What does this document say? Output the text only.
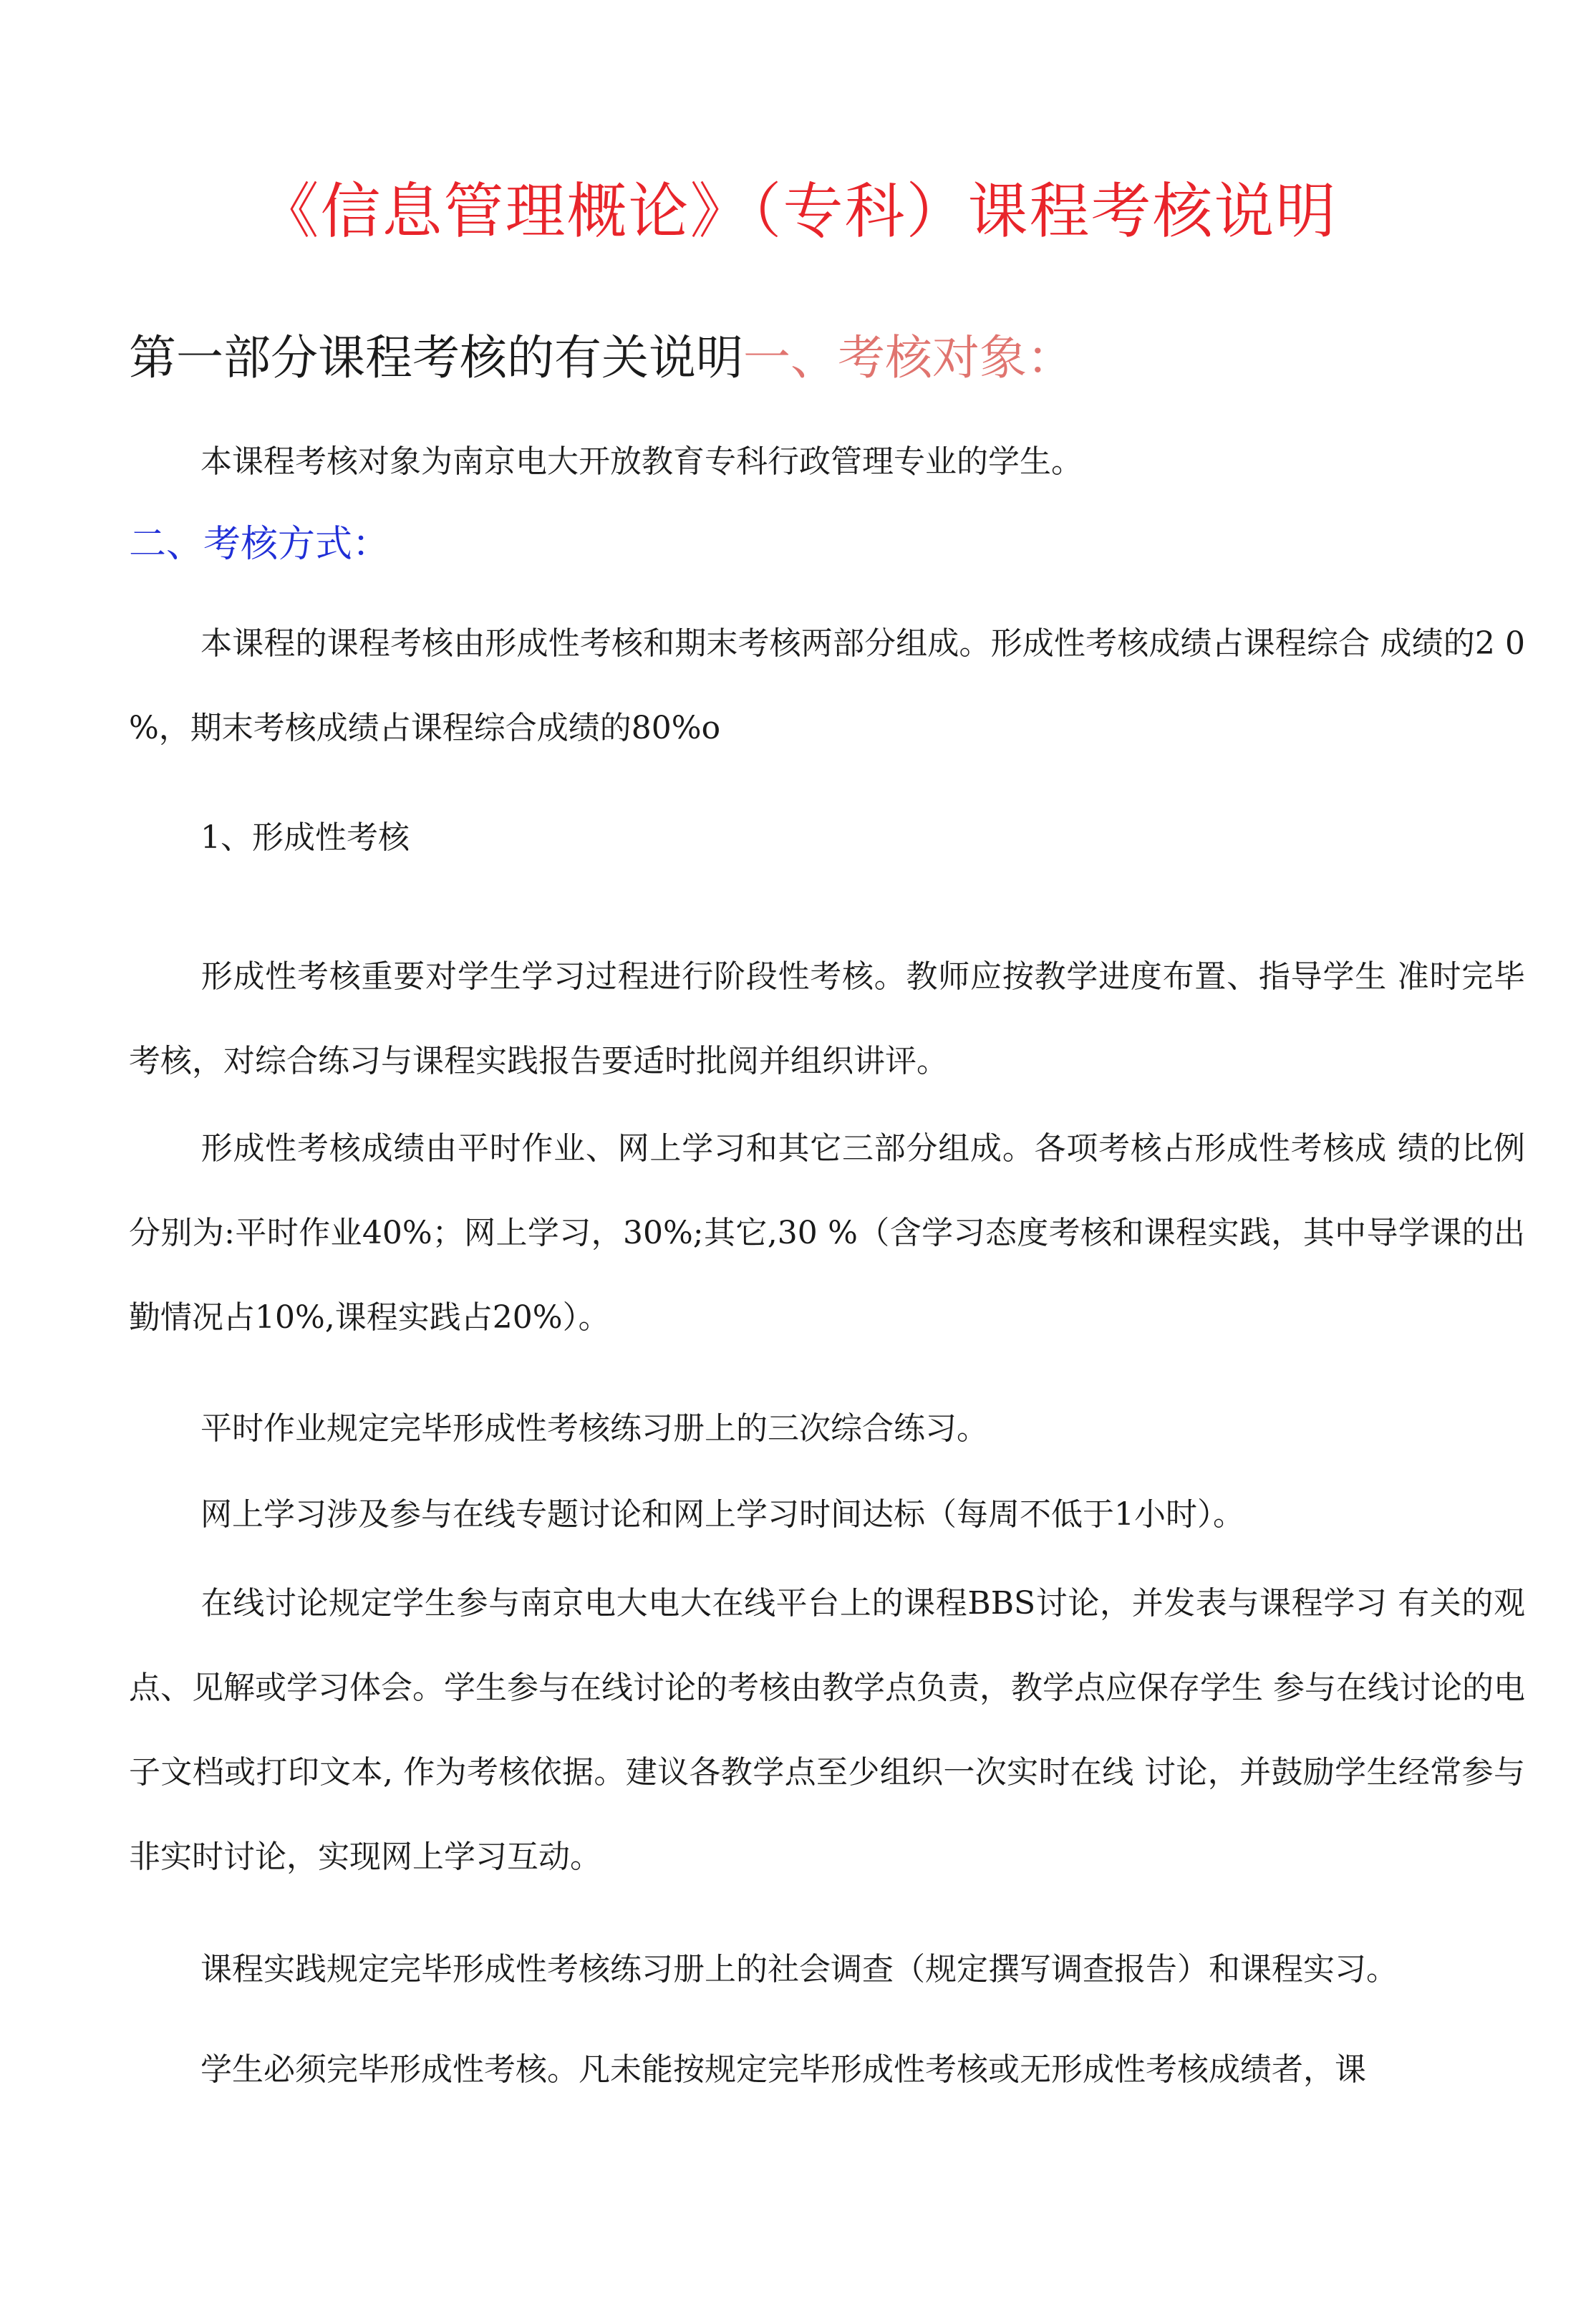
《信息管理概论》（专科）课程考核说明
第一部分课程考核的有关说明一、考核对象：

本课程考核对象为南京电大开放教育专科行政管理专业的学生。

二、考核方式：

本课程的课程考核由形成性考核和期末考核两部分组成。形成性考核成绩占课程综合 成绩的2 0 %，期末考核成绩占课程综合成绩的80%o

1、形成性考核

形成性考核重要对学生学习过程进行阶段性考核。教师应按教学进度布置、指导学生 准时完毕考核，对综合练习与课程实践报告要适时批阅并组织讲评。

形成性考核成绩由平时作业、网上学习和其它三部分组成。各项考核占形成性考核成 绩的比例分别为:平时作业40%；网上学习，30%;其它,30 %（含学习态度考核和课程实践，其中导学课的出勤情况占10%,课程实践占20%）。

平时作业规定完毕形成性考核练习册上的三次综合练习。

网上学习涉及参与在线专题讨论和网上学习时间达标（每周不低于1小时）。

在线讨论规定学生参与南京电大电大在线平台上的课程BBS讨论，并发表与课程学习 有关的观点、见解或学习体会。学生参与在线讨论的考核由教学点负责，教学点应保存学生 参与在线讨论的电子文档或打印文本, 作为考核依据。建议各教学点至少组织一次实时在线 讨论，并鼓励学生经常参与非实时讨论，实现网上学习互动。

课程实践规定完毕形成性考核练习册上的社会调查（规定撰写调查报告）和课程实习。

学生必须完毕形成性考核。凡未能按规定完毕形成性考核或无形成性考核成绩者，课
